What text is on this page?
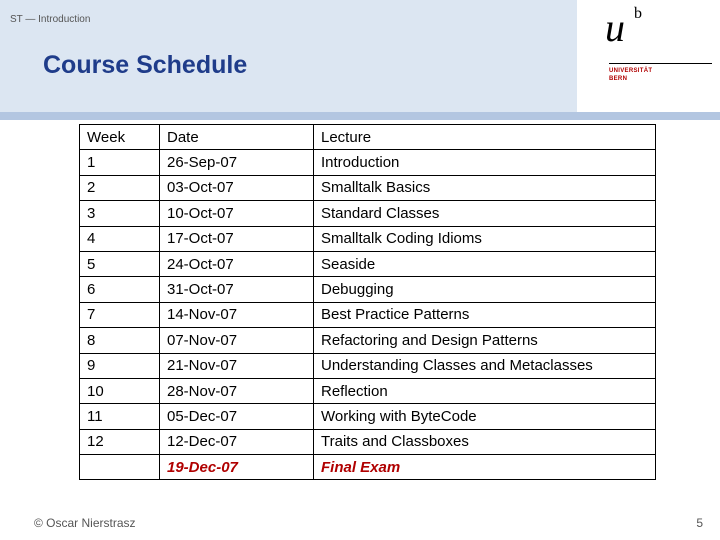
ST — Introduction
Course Schedule
u b
UNIVERSITÄT
BERN
Week	Date	Lecture
1	26-Sep-07	Introduction
2	03-Oct-07	Smalltalk Basics
3	10-Oct-07	Standard Classes
4	17-Oct-07	Smalltalk Coding Idioms
5	24-Oct-07	Seaside
6	31-Oct-07	Debugging
7	14-Nov-07	Best Practice Patterns
8	07-Nov-07	Refactoring and Design Patterns
9	21-Nov-07	Understanding Classes and Metaclasses
10	28-Nov-07	Reflection
11	05-Dec-07	Working with ByteCode
12	12-Dec-07	Traits and Classboxes
	19-Dec-07	Final Exam
© Oscar Nierstrasz	5
